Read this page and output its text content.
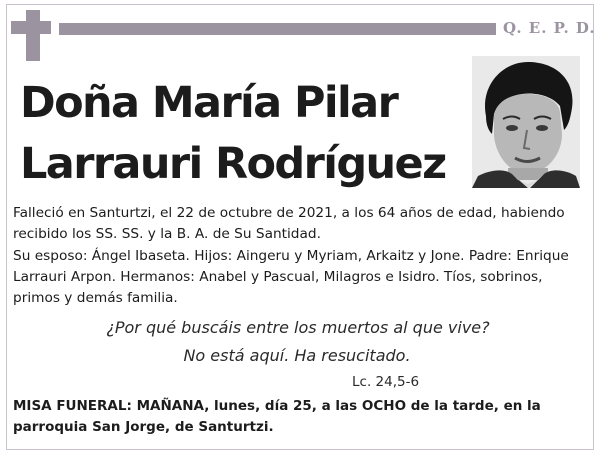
Q. E. P. D.
Doña María Pilar
Larrauri Rodríguez

Falleció en Santurtzi, el 22 de octubre de 2021, a los 64 años de edad, habiendo recibido los SS. SS. y la B. A. de Su Santidad.

Su esposo: Ángel Ibaseta. Hijos: Aingeru y Myriam, Arkaitz y Jone. Padre: Enrique Larrauri Arpon. Hermanos: Anabel y Pascual, Milagros e Isidro. Tíos, sobrinos, primos y demás familia.

¿Por qué buscáis entre los muertos al que vive?
No está aquí. Ha resucitado.
Lc. 24,5-6
MISA FUNERAL: MAÑANA, lunes, día 25, a las OCHO de la tarde, en la parroquia San Jorge, de Santurtzi.
